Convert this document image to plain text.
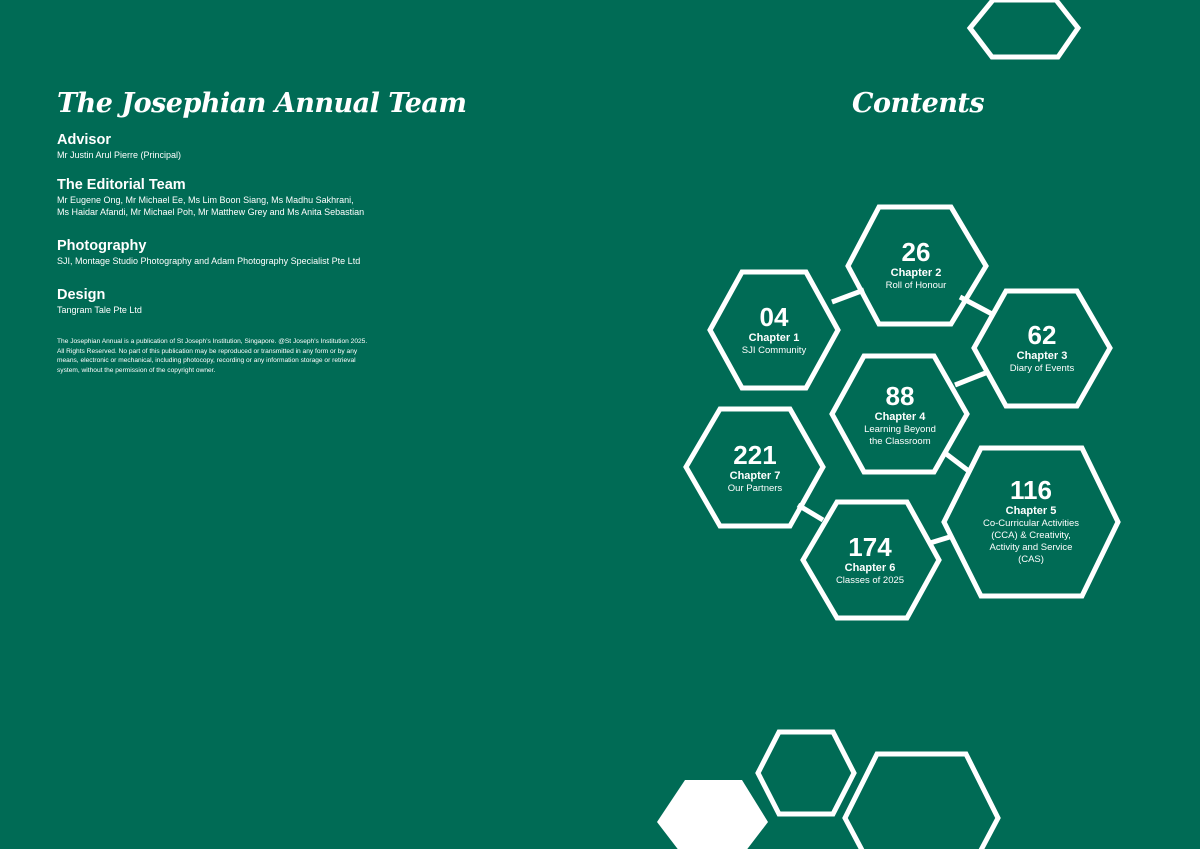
The Josephian Annual Team
Advisor

Mr Justin Arul Pierre (Principal)

The Editorial Team

Mr Eugene Ong, Mr Michael Ee, Ms Lim Boon Siang, Ms Madhu Sakhrani,

Ms Haidar Afandi, Mr Michael Poh, Mr Matthew Grey and Ms Anita Sebastian

Photography

SJI, Montage Studio Photography and Adam Photography Specialist Pte Ltd

Design

Tangram Tale Pte Ltd

The Josephian Annual is a publication of St Joseph's Institution, Singapore. @St Joseph's Institution 2025.
All Rights Reserved. No part of this publication may be reproduced or transmitted in any form or by any
means, electronic or mechanical, including photocopy, recording or any information storage or retrieval
system, without the permission of the copyright owner.
Contents
04
Chapter 1
SJI Community
26
Chapter 2
Roll of Honour
62
Chapter 3
Diary of Events
88
Chapter 4
Learning Beyond
the Classroom
116
Chapter 5
Co-Curricular Activities
(CCA) & Creativity,
Activity and Service
(CAS)
174
Chapter 6
Classes of 2025
221
Chapter 7
Our Partners
